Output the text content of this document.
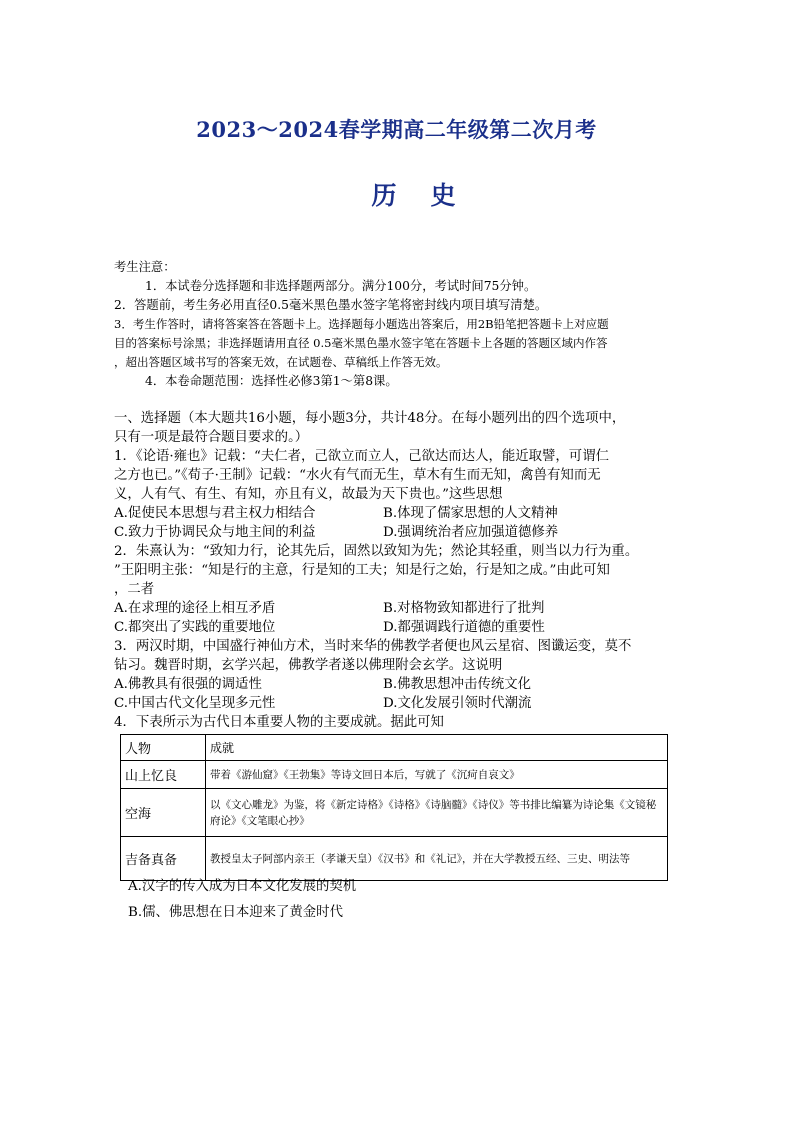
2023～2024春学期高二年级第二次月考
历史
考生注意：
1．本试卷分选择题和非选择题两部分。满分100分，考试时间75分钟。
2．答题前，考生务必用直径0.5毫米黑色墨水签字笔将密封线内项目填写清楚。
3．考生作答时，请将答案答在答题卡上。选择题每小题选出答案后，用2B铅笔把答题卡上对应题
目的答案标号涂黑；非选择题请用直径 0.5毫米黑色墨水签字笔在答题卡上各题的答题区域内作答
，超出答题区域书写的答案无效，在试题卷、草稿纸上作答无效。
4．本卷命题范围：选择性必修3第1～第8课。
一、选择题（本大题共16小题，每小题3分，共计48分。在每小题列出的四个选项中，
只有一项是最符合题目要求的。）
1．《论语·雍也》记载：“夫仁者，己欲立而立人，己欲达而达人，能近取譬，可谓仁
之方也已。”《荀子·王制》记载：“水火有气而无生，草木有生而无知，禽兽有知而无
义，人有气、有生、有知，亦且有义，故最为天下贵也。”这些思想
A.促使民本思想与君主权力相结合	B.体现了儒家思想的人文精神
C.致力于协调民众与地主间的利益	D.强调统治者应加强道德修养
2．朱熹认为：“致知力行，论其先后，固然以致知为先；然论其轻重，则当以力行为重。
”王阳明主张：“知是行的主意，行是知的工夫；知是行之始，行是知之成。”由此可知
，二者
A.在求理的途径上相互矛盾	B.对格物致知都进行了批判
C.都突出了实践的重要地位	D.都强调践行道德的重要性
3．两汉时期，中国盛行神仙方术，当时来华的佛教学者便也风云星宿、图谶运变，莫不
钻习。魏晋时期，玄学兴起，佛教学者遂以佛理附会玄学。这说明
A.佛教具有很强的调适性	B.佛教思想冲击传统文化
C.中国古代文化呈现多元性	D.文化发展引领时代潮流
4．下表所示为古代日本重要人物的主要成就。据此可知
人物	成就
山上忆良	带着《游仙窟》《王勃集》等诗文回日本后，写就了《沉疴自哀文》
空海	以《文心雕龙》为鉴，将《新定诗格》《诗格》《诗脑髓》《诗仪》等书排比编纂为诗论集《文镜秘府论》《文笔眼心抄》
吉备真备	教授皇太子阿部内亲王（孝谦天皇）《汉书》和《礼记》，并在大学教授五经、三史、明法等
A.汉字的传入成为日本文化发展的契机
B.儒、佛思想在日本迎来了黄金时代
